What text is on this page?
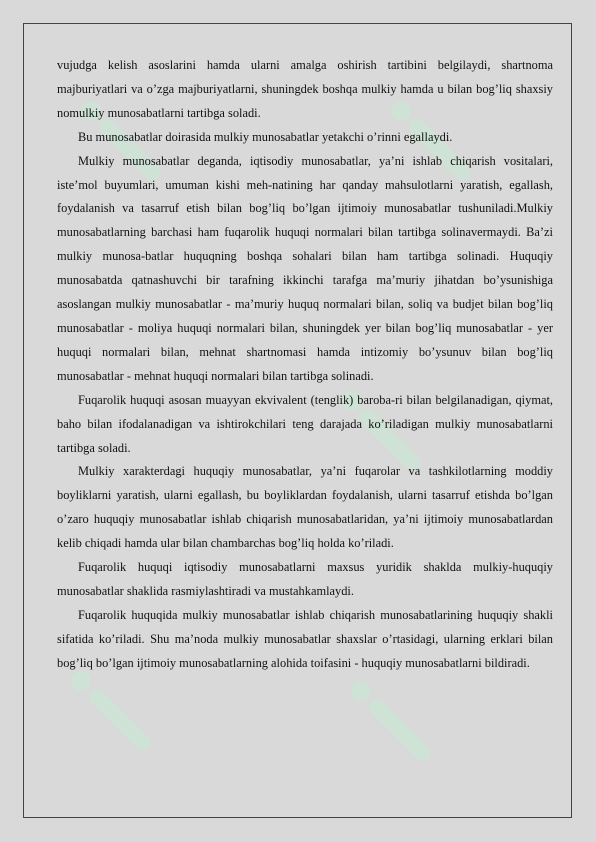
vujudga kelish asoslarini hamda ularni amalga oshirish tartibini belgilaydi, shartnoma majburiyatlari va o’zga majburiyatlarni, shuningdek boshqa mulkiy hamda u bilan bog’liq shaxsiy nomulkiy munosabatlarni tartibga soladi.

Bu munosabatlar doirasida mulkiy munosabatlar yetakchi o’rinni egallaydi.

Mulkiy munosabatlar deganda, iqtisodiy munosabatlar, ya’ni ishlab chiqarish vositalari, iste’mol buyumlari, umuman kishi meh-natining har qanday mahsulotlarni yaratish, egallash, foydalanish va tasarruf etish bilan bog’liq bo’lgan ijtimoiy munosabatlar tushuniladi.Mulkiy munosabatlarning barchasi ham fuqarolik huquqi normalari bilan tartibga solinavermaydi. Ba’zi mulkiy munosa-batlar huquqning boshqa sohalari bilan ham tartibga solinadi. Huquqiy munosabatda qatnashuvchi bir tarafning ikkinchi tarafga ma’muriy jihatdan bo’ysunishiga asoslangan mulkiy munosabatlar - ma’muriy huquq normalari bilan, soliq va budjet bilan bog’liq munosabatlar - moliya huquqi normalari bilan, shuningdek yer bilan bog’liq munosabatlar - yer huquqi normalari bilan, mehnat shartnomasi hamda intizomiy bo’ysunuv bilan bog’liq munosabatlar - mehnat huquqi normalari bilan tartibga solinadi.

Fuqarolik huquqi asosan muayyan ekvivalent (tenglik) baroba-ri bilan belgilanadigan, qiymat, baho bilan ifodalanadigan va ishtirokchilari teng darajada ko’riladigan mulkiy munosabatlarni tartibga soladi.

Mulkiy xarakterdagi huquqiy munosabatlar, ya’ni fuqarolar va tashkilotlarning moddiy boyliklarni yaratish, ularni egallash, bu boyliklardan foydalanish, ularni tasarruf etishda bo’lgan o’zaro huquqiy munosabatlar ishlab chiqarish munosabatlaridan, ya’ni ijtimoiy munosabatlardan kelib chiqadi hamda ular bilan chambarchas bog’liq holda ko’riladi.

Fuqarolik huquqi iqtisodiy munosabatlarni maxsus yuridik shaklda mulkiy-huquqiy munosabatlar shaklida rasmiylashtiradi va mustahkamlaydi.

Fuqarolik huquqida mulkiy munosabatlar ishlab chiqarish munosabatlarining huquqiy shakli sifatida ko’riladi. Shu ma’noda mulkiy munosabatlar shaxslar o’rtasidagi, ularning erklari bilan bog’liq bo’lgan ijtimoiy munosabatlarning alohida toifasini - huquqiy munosabatlarni bildiradi.
